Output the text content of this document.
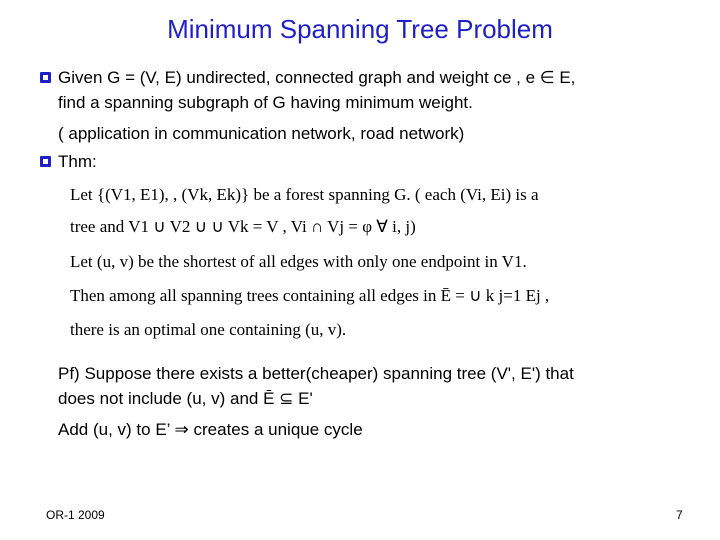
Minimum Spanning Tree Problem
Given G = (V, E) undirected, connected graph and weight ce , e ∈ E,
find a spanning subgraph of G having minimum weight.
( application in communication network, road network)
Thm:
Let {(V1, E1), , (Vk, Ek)} be a forest spanning G. ( each (Vi, Ei) is a
tree and V1 ∪ V2 ∪ ∪ Vk = V , Vi ∩ Vj = φ ∀ i, j)
Let (u, v) be the shortest of all edges with only one endpoint in V1.
Then among all spanning trees containing all edges in Ē = ∪ k j=1 Ej ,
there is an optimal one containing (u, v).
Pf) Suppose there exists a better(cheaper) spanning tree (V', E') that
does not include (u, v) and Ē ⊆ E'
Add (u, v) to E’ ⇒ creates a unique cycle
OR-1 2009	7
